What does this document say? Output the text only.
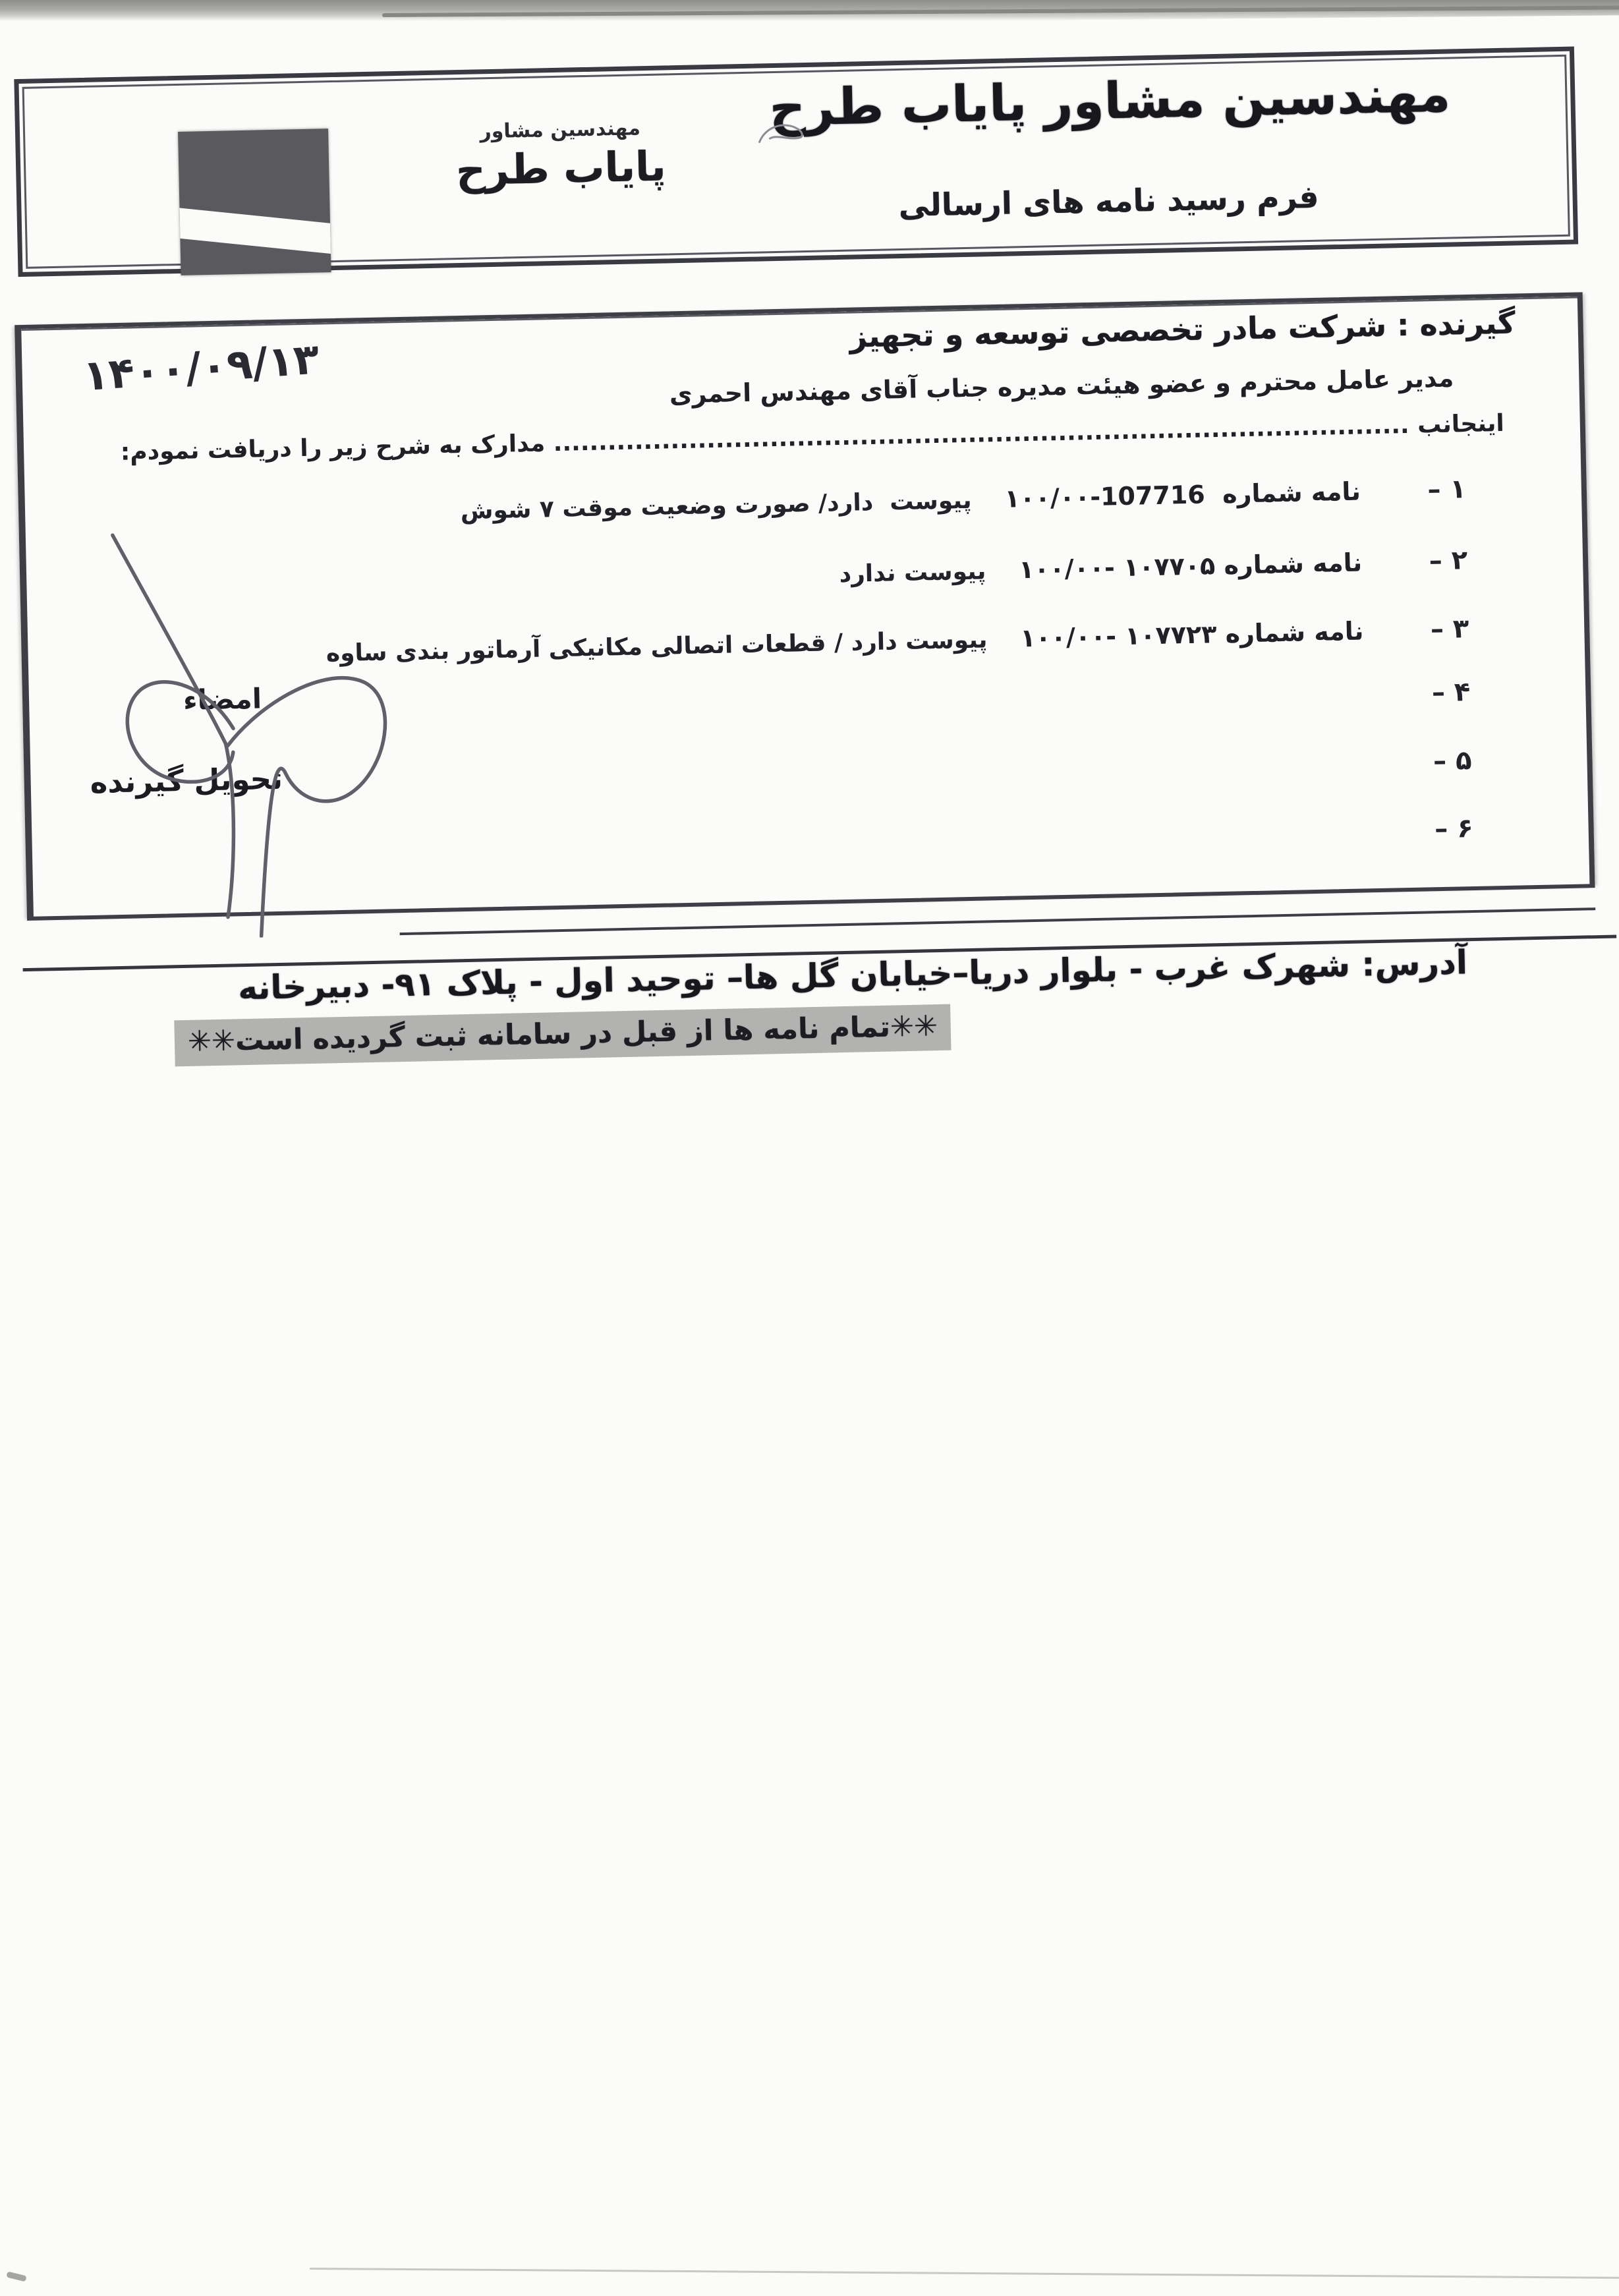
مهندسین مشاور
پایاب طرح
مهندسین مشاور پایاب طرح
فرم رسید نامه های ارسالی
گیرنده : شرکت مادر تخصصی توسعه و تجهیز
مدیر عامل محترم و عضو هیئت مدیره جناب آقای مهندس احمری
۱۴۰۰/۰۹/۱۳
اینجانب ............................................................................................... مدارک به شرح زیر را دریافت نمودم:
۱ –
نامه شماره  107716-۱۰۰/۰۰
پیوست  دارد/ صورت وضعیت موقت ۷ شوش
۲ –
نامه شماره ۱۰۷۷۰۵ -۱۰۰/۰۰
پیوست ندارد
۳ –
نامه شماره ۱۰۷۷۲۳ -۱۰۰/۰۰
پیوست دارد / قطعات اتصالی مکانیکی آرماتور بندی ساوه
۴ –
۵ –
۶ –
امضاء
تحویل گیرنده
آدرس: شهرک غرب - بلوار دریا–خیابان گل ها– توحید اول - پلاک ۹۱- دبیرخانه
✳✳تمام نامه ها از قبل در سامانه ثبت گردیده است✳✳
